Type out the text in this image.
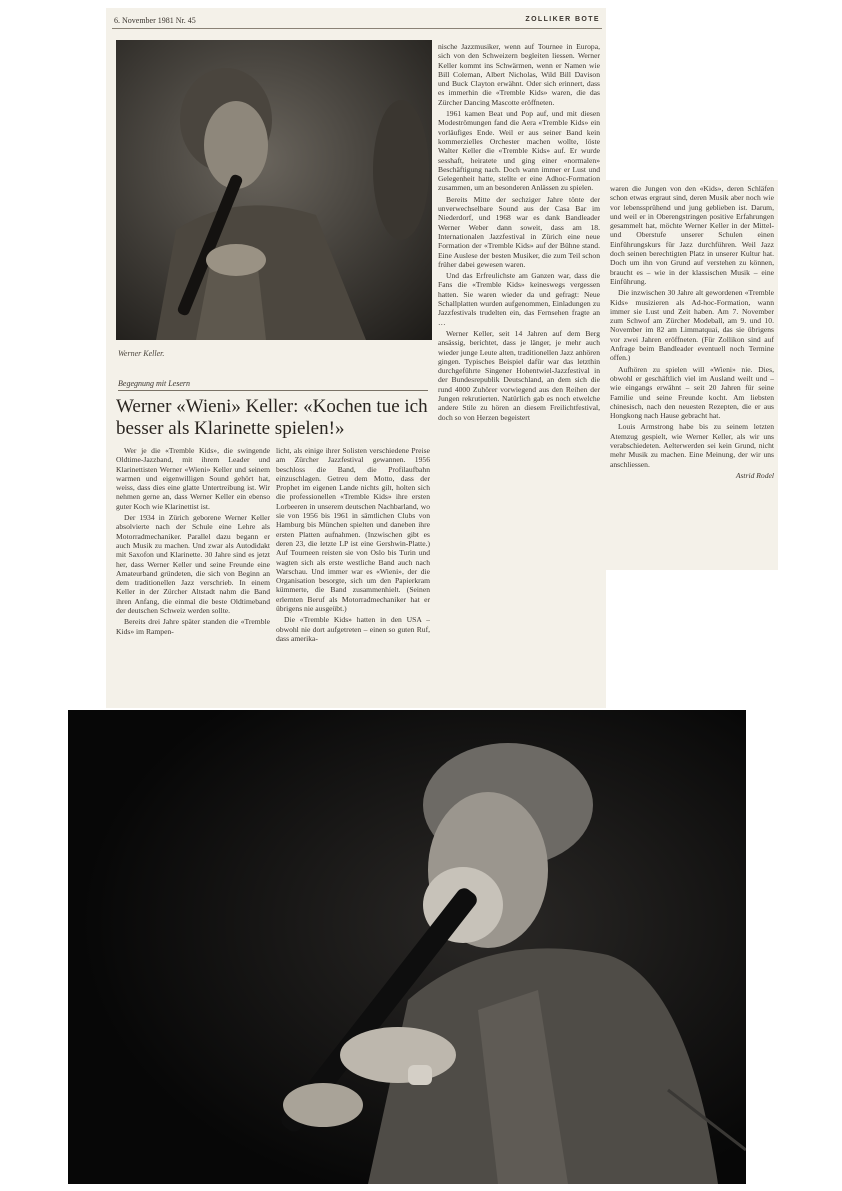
6. November 1981 Nr. 45	ZOLLIKER BOTE
Werner Keller.
Begegnung mit Lesern
Werner «Wieni» Keller: «Kochen tue ich besser als Klarinette spielen!»

Wer je die «Tremble Kids», die swingende Oldtime-Jazzband, mit ihrem Leader und Klarinettisten Werner «Wieni» Keller und seinem warmen und eigenwilligen Sound gehört hat, weiss, dass dies eine glatte Untertreibung ist. Wir nehmen gerne an, dass Werner Keller ein ebenso guter Koch wie Klarinettist ist.

Der 1934 in Zürich geborene Werner Keller absolvierte nach der Schule eine Lehre als Motorradmechaniker. Parallel dazu begann er auch Musik zu machen. Und zwar als Autodidakt mit Saxofon und Klarinette. 30 Jahre sind es jetzt her, dass Werner Keller und seine Freunde eine Amateurband gründeten, die sich von Beginn an dem traditionellen Jazz verschrieb. In einem Keller in der Zürcher Altstadt nahm die Band ihren Anfang, die einmal die beste Oldtimeband der deutschen Schweiz werden sollte.

Bereits drei Jahre später standen die «Tremble Kids» im Rampen-

licht, als einige ihrer Solisten verschiedene Preise am Zürcher Jazzfestival gewannen. 1956 beschloss die Band, die Profilaufbahn einzuschlagen. Getreu dem Motto, dass der Prophet im eigenen Lande nichts gilt, holten sich die professionellen «Tremble Kids» ihre ersten Lorbeeren in unserem deutschen Nachbarland, wo sie von 1956 bis 1961 in sämtlichen Clubs von Hamburg bis München spielten und daneben ihre ersten Platten aufnahmen. (Inzwischen gibt es deren 23, die letzte LP ist eine Gershwin-Platte.) Auf Tourneen reisten sie von Oslo bis Turin und wagten sich als erste westliche Band auch nach Warschau. Und immer war es «Wieni», der die Organisation besorgte, sich um den Papierkram kümmerte, die Band zusammenhielt. (Seinen erlernten Beruf als Motorradmechaniker hat er übrigens nie ausgeübt.)

Die «Tremble Kids» hatten in den USA – obwohl nie dort aufgetreten – einen so guten Ruf, dass amerika-

nische Jazzmusiker, wenn auf Tournee in Europa, sich von den Schweizern begleiten liessen. Werner Keller kommt ins Schwärmen, wenn er Namen wie Bill Coleman, Albert Nicholas, Wild Bill Davison und Buck Clayton erwähnt. Oder sich erinnert, dass es immerhin die «Tremble Kids» waren, die das Zürcher Dancing Mascotte eröffneten.

1961 kamen Beat und Pop auf, und mit diesen Modeströmungen fand die Aera «Tremble Kids» ein vorläufiges Ende. Weil er aus seiner Band kein kommerzielles Orchester machen wollte, löste Walter Keller die «Tremble Kids» auf. Er wurde sesshaft, heiratete und ging einer «normalen» Beschäftigung nach. Doch wann immer er Lust und Gelegenheit hatte, stellte er eine Adhoc-Formation zusammen, um an besonderen Anlässen zu spielen.

Bereits Mitte der sechziger Jahre tönte der unverwechselbare Sound aus der Casa Bar im Niederdorf, und 1968 war es dank Bandleader Werner Weber dann soweit, dass am 18. Internationalen Jazzfestival in Zürich eine neue Formation der «Tremble Kids» auf der Bühne stand. Eine Auslese der besten Musiker, die zum Teil schon früher dabei gewesen waren.

Und das Erfreulichste am Ganzen war, dass die Fans die «Tremble Kids» keineswegs vergessen hatten. Sie waren wieder da und gefragt: Neue Schallplatten wurden aufgenommen, Einladungen zu Jazzfestivals trudelten ein, das Fernsehen fragte an …

Werner Keller, seit 14 Jahren auf dem Berg ansässig, berichtet, dass je länger, je mehr auch wieder junge Leute alten, traditionellen Jazz anhören gingen. Typisches Beispiel dafür war das letzthin durchgeführte Singener Hohentwiel-Jazzfestival in der Bundesrepublik Deutschland, an dem sich die rund 4000 Zuhörer vorwiegend aus den Reihen der Jungen rekrutierten. Natürlich gab es noch etwelche andere Stile zu hören an diesem Freilichtfestival, doch so von Herzen begeistert

waren die Jungen von den «Kids», deren Schläfen schon etwas ergraut sind, deren Musik aber noch wie vor lebenssprühend und jung geblieben ist. Darum, und weil er in Oberengstringen positive Erfahrungen gesammelt hat, möchte Werner Keller in der Mittel- und Oberstufe unserer Schulen einen Einführungskurs für Jazz durchführen. Weil Jazz doch seinen berechtigten Platz in unserer Kultur hat. Doch um ihn von Grund auf verstehen zu können, braucht es – wie in der klassischen Musik – eine Einführung.

Die inzwischen 30 Jahre alt gewordenen «Tremble Kids» musizieren als Ad-hoc-Formation, wann immer sie Lust und Zeit haben. Am 7. November zum Schwof am Zürcher Modeball, am 9. und 10. November im 82 am Limmatquai, das sie übrigens vor zwei Jahren eröffneten. (Für Zollikon sind auf Anfrage beim Bandleader eventuell noch Termine offen.)

Aufhören zu spielen will «Wieni» nie. Dies, obwohl er geschäftlich viel im Ausland weilt und – wie eingangs erwähnt – seit 20 Jahren für seine Familie und seine Freunde kocht. Am liebsten chinesisch, nach den neuesten Rezepten, die er aus Hongkong nach Hause gebracht hat.

Louis Armstrong habe bis zu seinem letzten Atemzug gespielt, wie Werner Keller, als wir uns verabschiedeten. Aelterwerden sei kein Grund, nicht mehr Musik zu machen. Eine Meinung, der wir uns anschliessen.

Astrid Rodel
